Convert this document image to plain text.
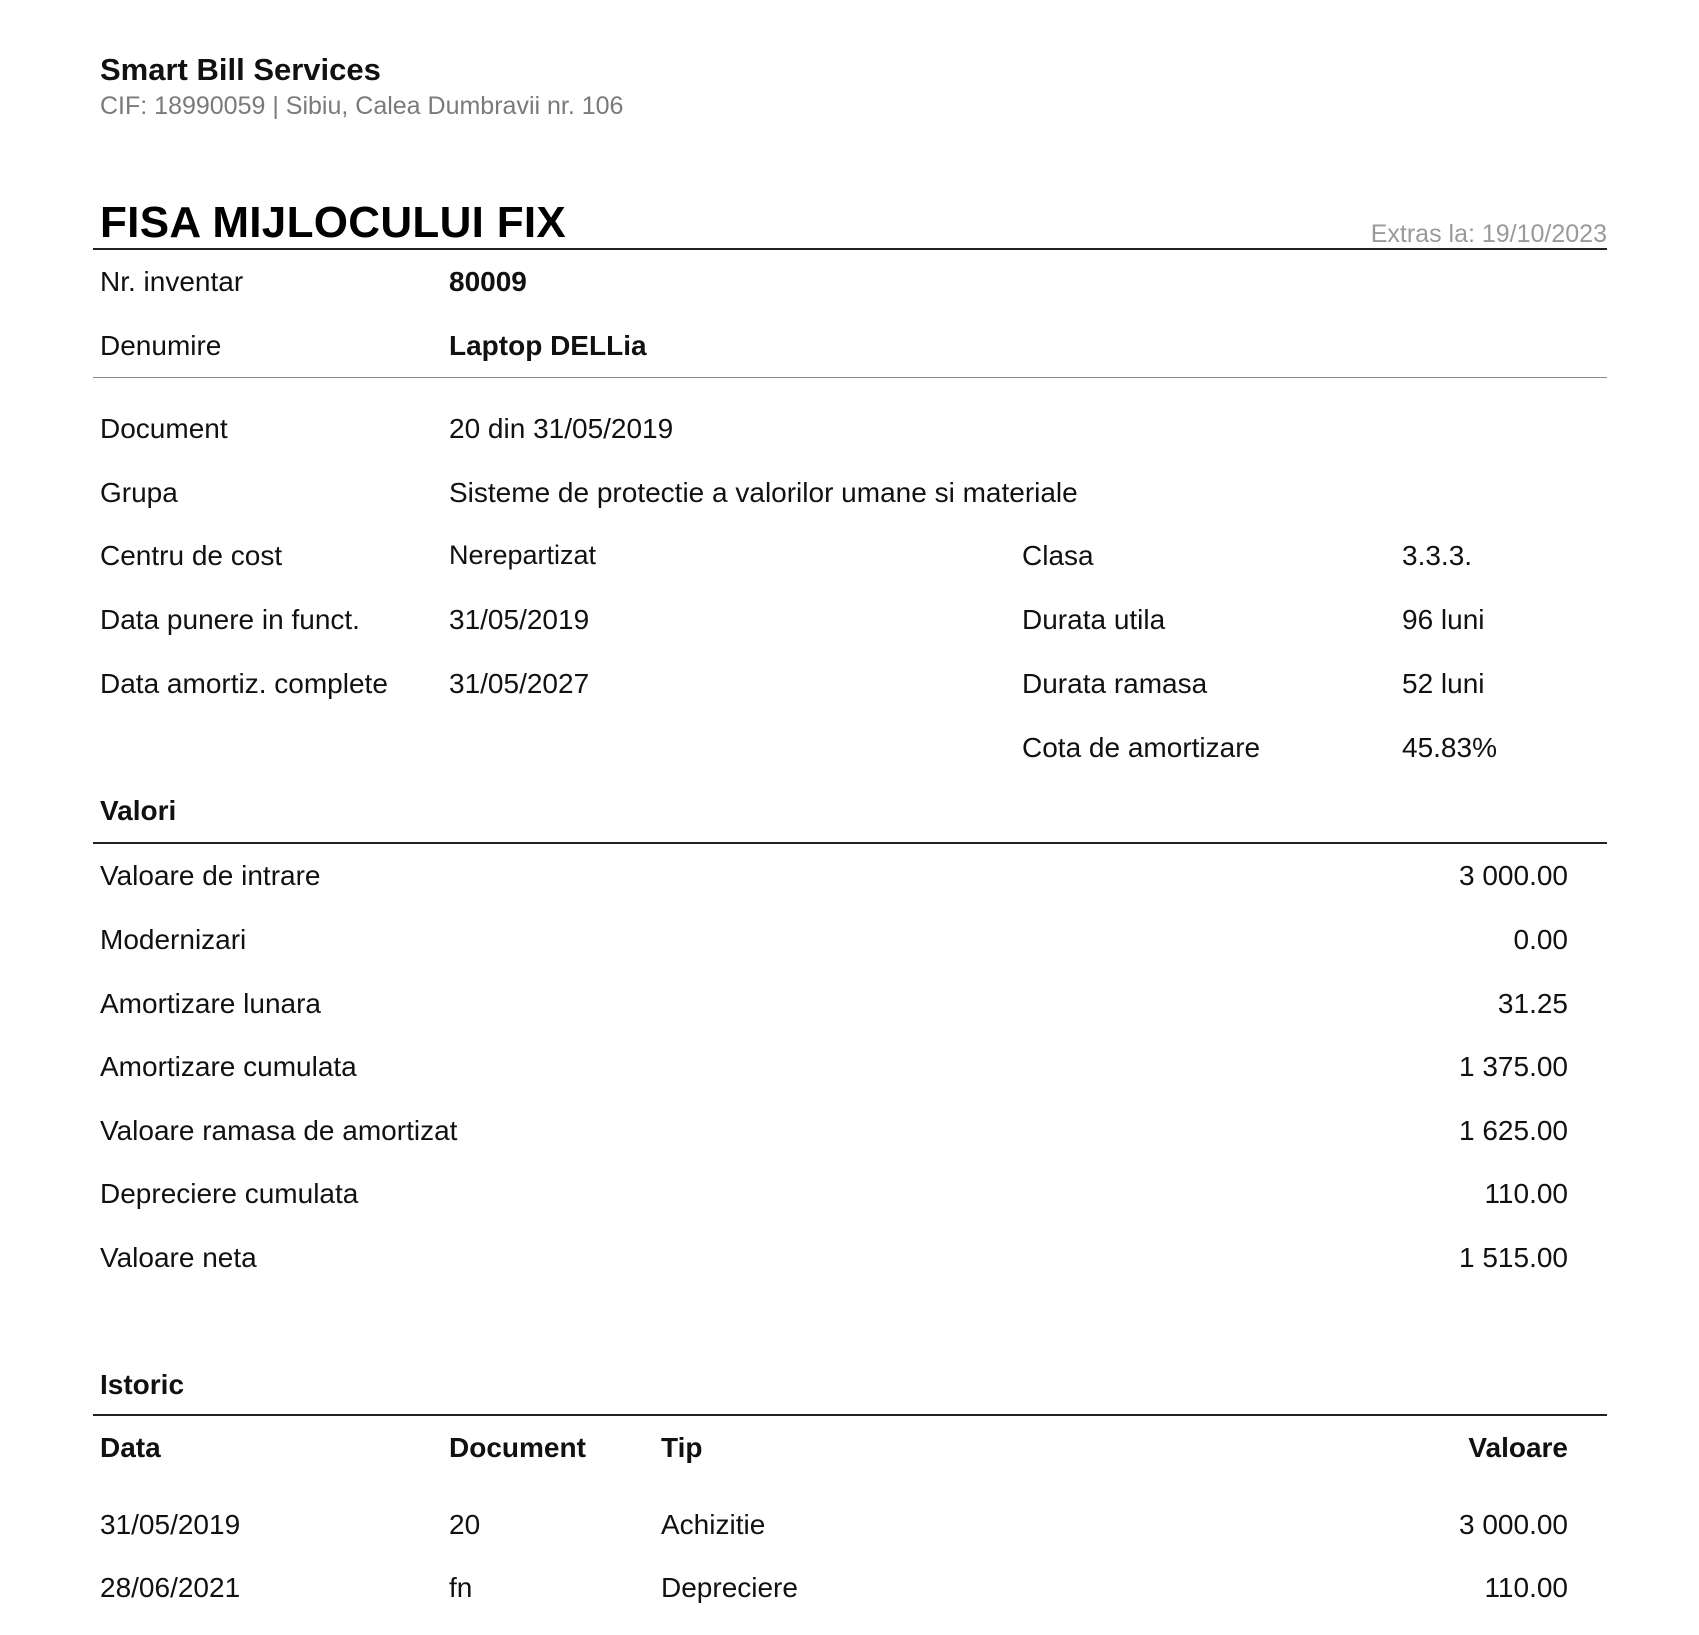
Smart Bill Services
CIF: 18990059 | Sibiu, Calea Dumbravii nr. 106
FISA MIJLOCULUI FIX	Extras la: 19/10/2023
Nr. inventar	80009
Denumire	Laptop DELLia
Document	20 din 31/05/2019
Grupa	Sisteme de protectie a valorilor umane si materiale
Centru de cost	Nerepartizat	Clasa	3.3.3.
Data punere in funct.	31/05/2019	Durata utila	96 luni
Data amortiz. complete 31/05/2027	Durata ramasa	52 luni
Cota de amortizare	45.83%
Valori
Valoare de intrare	3 000.00
Modernizari	0.00
Amortizare lunara	31.25
Amortizare cumulata	1 375.00
Valoare ramasa de amortizat	1 625.00
Depreciere cumulata	110.00
Valoare neta	1 515.00
Istoric
Data	Document	Tip	Valoare
31/05/2019	20	Achizitie	3 000.00
28/06/2021	fn	Depreciere	110.00
